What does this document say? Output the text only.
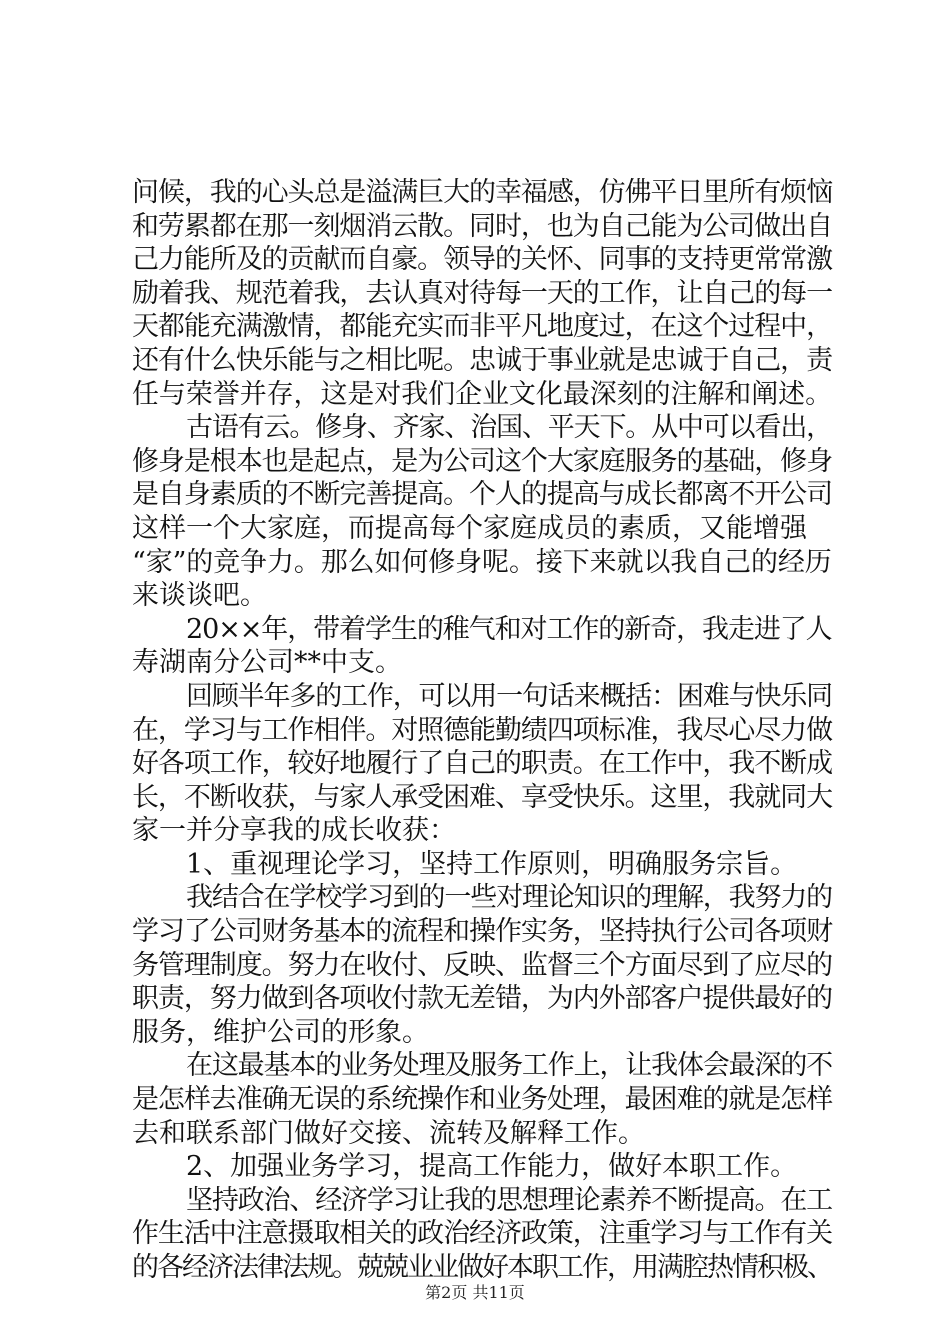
问候，我的心头总是溢满巨大的幸福感，仿佛平日里所有烦恼
和劳累都在那一刻烟消云散。同时，也为自己能为公司做出自
己力能所及的贡献而自豪。领导的关怀、同事的支持更常常激
励着我、规范着我，去认真对待每一天的工作，让自己的每一
天都能充满激情，都能充实而非平凡地度过，在这个过程中，
还有什么快乐能与之相比呢。忠诚于事业就是忠诚于自己，责
任与荣誉并存，这是对我们企业文化最深刻的注解和阐述。
古语有云。修身、齐家、治国、平天下。从中可以看出，
修身是根本也是起点，是为公司这个大家庭服务的基础，修身
是自身素质的不断完善提高。个人的提高与成长都离不开公司
这样一个大家庭，而提高每个家庭成员的素质，又能增强
“家”的竞争力。那么如何修身呢。接下来就以我自己的经历
来谈谈吧。
20××年，带着学生的稚气和对工作的新奇，我走进了人
寿湖南分公司**中支。
回顾半年多的工作，可以用一句话来概括：困难与快乐同
在，学习与工作相伴。对照德能勤绩四项标准，我尽心尽力做
好各项工作，较好地履行了自己的职责。在工作中，我不断成
长，不断收获，与家人承受困难、享受快乐。这里，我就同大
家一并分享我的成长收获：
1、重视理论学习，坚持工作原则，明确服务宗旨。
我结合在学校学习到的一些对理论知识的理解，我努力的
学习了公司财务基本的流程和操作实务，坚持执行公司各项财
务管理制度。努力在收付、反映、监督三个方面尽到了应尽的
职责，努力做到各项收付款无差错，为内外部客户提供最好的
服务，维护公司的形象。
在这最基本的业务处理及服务工作上，让我体会最深的不
是怎样去准确无误的系统操作和业务处理，最困难的就是怎样
去和联系部门做好交接、流转及解释工作。
2、加强业务学习，提高工作能力，做好本职工作。
坚持政治、经济学习让我的思想理论素养不断提高。在工
作生活中注意摄取相关的政治经济政策，注重学习与工作有关
的各经济法律法规。兢兢业业做好本职工作，用满腔热情积极、
第2页 共11页
